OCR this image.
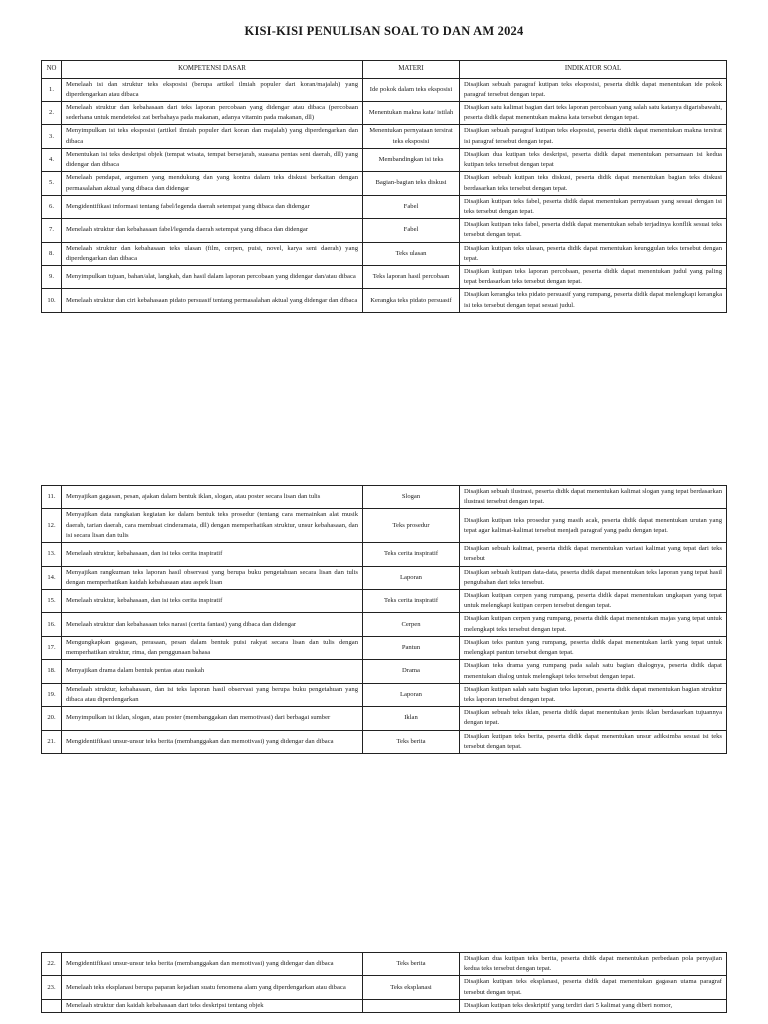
KISI-KISI PENULISAN SOAL TO DAN AM 2024
NO	KOMPETENSI DASAR	MATERI	INDIKATOR SOAL
1.	Menelaah isi dan struktur teks eksposisi (berupa artikel ilmiah populer dari koran/majalah) yang diperdengarkan atau dibaca	Ide pokok dalam teks eksposisi	Disajikan sebuah paragraf kutipan teks eksposisi, peserta didik dapat menentukan ide pokok paragraf tersebut dengan tepat.
2.	Menelaah struktur dan kebahasaan dari teks laporan percobaan yang didengar atau dibaca (percobaan sederhana untuk mendeteksi zat berbahaya pada makanan, adanya vitamin pada makanan, dll)	Menentukan makna kata/ istilah	Disajikan satu kalimat bagian dari teks laporan percobaan yang salah satu katanya digarisbawahi, peserta didik dapat menentukan makna kata tersebut dengan tepat.
3.	Menyimpulkan isi teks eksposisi (artikel ilmiah populer dari koran dan majalah) yang diperdengarkan dan dibaca	Menentukan pernyataan tersirat teks eksposisi	Disajikan sebuah paragraf kutipan teks eksposisi, peserta didik dapat menentukan makna tersirat isi paragraf tersebut dengan tepat.
4.	Menentukan isi teks deskripsi objek (tempat wisata, tempat bersejarah, suasana pentas seni daerah, dll) yang didengar dan dibaca	Membandingkan isi teks	Disajikan dua kutipan teks deskripsi, peserta didik dapat menentukan persamaan isi kedua kutipan teks tersebut dengan tepat
5.	Menelaah pendapat, argumen yang mendukung dan yang kontra dalam teks diskusi berkaitan dengan permasalahan aktual yang dibaca dan didengar	Bagian-bagian teks diskusi	Disajikan sebuah kutipan teks diskusi, peserta didik dapat menentukan bagian teks diskusi berdasarkan teks tersebut dengan tepat.
6.	Mengidentifikasi informasi tentang fabel/legenda daerah setempat yang dibaca dan didengar	Fabel	Disajikan kutipan teks fabel, peserta didik dapat menentukan pernyataan yang sesuai dengan isi teks tersebut dengan tepat.
7.	Menelaah struktur dan kebahasaan fabel/legenda daerah setempat yang dibaca dan didengar	Fabel	Disajikan kutipan teks fabel, peserta didik dapat menentukan sebab terjadinya konflik sesuai teks tersebut dengan tepat.
8.	Menelaah struktur dan kebahasaan teks ulasan (film, cerpen, puisi, novel, karya seni daerah) yang diperdengarkan dan dibaca	Teks ulasan	Disajikan kutipan teks ulasan, peserta didik dapat menentukan keunggulan teks tersebut dengan tepat.
9.	Menyimpulkan tujuan, bahan/alat, langkah, dan hasil dalam laporan percobaan yang didengar dan/atau dibaca	Teks laporan hasil percobaan	Disajikan kutipan teks laporan percobaan, peserta didik dapat menentukan judul yang paling tepat berdasarkan teks tersebut dengan tepat.
10.	Menelaah struktur dan ciri kebahasaan pidato persuasif tentang permasalahan aktual yang didengar dan dibaca	Kerangka teks pidato persuasif	Disajikan kerangka teks pidato persuasif yang rumpang, peserta didik dapat melengkapi kerangka isi teks tersebut dengan tepat sesuai judul.
11.	Menyajikan gagasan, pesan, ajakan dalam bentuk iklan, slogan, atau poster secara lisan dan tulis	Slogan	Disajikan sebuah ilustrasi, peserta didik dapat menentukan kalimat slogan yang tepat berdasarkan ilustrasi tersebut dengan tepat.
12.	Menyajikan data rangkaian kegiatan ke dalam bentuk teks prosedur (tentang cara memainkan alat musik daerah, tarian daerah, cara membuat cinderamata, dll) dengan memperhatikan struktur, unsur kebahasaan, dan isi secara lisan dan tulis	Teks prosedur	Disajikan kutipan teks prosedur yang masih acak, peserta didik dapat menentukan urutan yang tepat agar kalimat-kalimat tersebut menjadi paragraf yang padu dengan tepat.
13.	Menelaah struktur, kebahasaan, dan isi teks cerita inspiratif	Teks cerita inspiratif	Disajikan sebuah kalimat, peserta didik dapat menentukan variasi kalimat yang tepat dari teks tersebut
14.	Menyajikan rangkuman teks laporan hasil observasi yang berupa buku pengetahuan secara lisan dan tulis dengan memperhatikan kaidah kebahasaan atau aspek lisan	Laporan	Disajikan sebuah kutipan data-data, peserta didik dapat menentukan teks laporan yang tepat hasil pengubahan dari teks tersebut.
15.	Menelaah struktur, kebahasaan, dan isi teks cerita inspiratif	Teks cerita inspiratif	Disajikan kutipan cerpen yang rumpang, peserta didik dapat menentukan ungkapan yang tepat untuk melengkapi kutipan cerpen tersebut dengan tepat.
16.	Menelaah struktur dan kebahasaan teks narasi (cerita fantasi) yang dibaca dan didengar	Cerpen	Disajikan kutipan cerpen yang rumpang, peserta didik dapat menentukan majas yang tepat untuk melengkapi teks tersebut dengan tepat.
17.	Mengungkapkan gagasan, perasaan, pesan dalam bentuk puisi rakyat secara lisan dan tulis dengan memperhatikan struktur, rima, dan penggunaan bahasa	Pantun	Disajikan teks pantun yang rumpang, peserta didik dapat menentukan larik yang tepat untuk melengkapi pantun tersebut dengan tepat.
18.	Menyajikan drama dalam bentuk pentas atau naskah	Drama	Disajikan teks drama yang rumpang pada salah satu bagian dialognya, peserta didik dapat menentukan dialog untuk melengkapi teks tersebut dengan tepat.
19.	Menelaah struktur, kebahasaan, dan isi teks laporan hasil observasi yang berupa buku pengetahuan yang dibaca atau diperdengarkan	Laporan	Disajikan kutipan salah satu bagian teks laporan, peserta didik dapat menentukan bagian struktur teks laporan tersebut dengan tepat.
20.	Menyimpulkan isi iklan, slogan, atau poster (membanggakan dan memotivasi) dari berbagai sumber	Iklan	Disajikan sebuah teks iklan, peserta didik dapat menentukan jenis iklan berdasarkan tujuannya dengan tepat.
21.	Mengidentifikasi unsur-unsur teks berita (membanggakan dan memotivasi) yang didengar dan dibaca	Teks berita	Disajikan kutipan teks berita, peserta didik dapat menentukan unsur adiksimba sesuai isi teks tersebut dengan tepat.
22.	Mengidentifikasi unsur-unsur teks berita (membanggakan dan memotivasi) yang didengar dan dibaca	Teks berita	Disajikan dua kutipan teks berita, peserta didik dapat menentukan perbedaan pola penyajian kedua teks tersebut dengan tepat.
23.	Menelaah teks eksplanasi berupa paparan kejadian suatu fenomena alam yang diperdengarkan atau dibaca	Teks eksplanasi	Disajikan kutipan teks eksplanasi, peserta didik dapat menentukan gagasan utama paragraf tersebut dengan tepat.
	Menelaah struktur dan kaidah kebahasaan dari teks deskripsi tentang objek		Disajikan kutipan teks deskriptif yang terdiri dari 5 kalimat yang diberi nomor,
